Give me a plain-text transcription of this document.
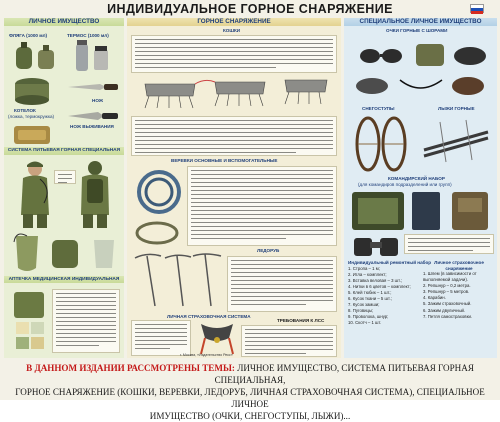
ИНДИВИДУАЛЬНОЕ ГОРНОЕ СНАРЯЖЕНИЕ
ЛИЧНОЕ ИМУЩЕСТВО
ФЛЯГА (1000 мл)	ТЕРМОС (1000 мл)
КОТЕЛОК
(ложка, термокружка)
НОЖ
НОЖ ВЫЖИВАНИЯ
СИСТЕМА ПИТЬЕВАЯ ГОРНАЯ СПЕЦИАЛЬНАЯ
АПТЕЧКА МЕДИЦИНСКАЯ ИНДИВИДУАЛЬНАЯ
ГОРНОЕ СНАРЯЖЕНИЕ
КОШКИ
ВЕРЕВКИ ОСНОВНЫЕ И ВСПОМОГАТЕЛЬНЫЕ
ЛЕДОРУБ
ЛИЧНАЯ СТРАХОВОЧНАЯ СИСТЕМА
ТРЕБОВАНИЯ К ЛСС
СПЕЦИАЛЬНОЕ ЛИЧНОЕ ИМУЩЕСТВО
ОЧКИ ГОРНЫЕ С ШОРАМИ
СНЕГОСТУПЫ	ЛЫЖИ ГОРНЫЕ
КОМАНДИРСКИЙ НАБОР
(для командиров подразделений или групп)
Индивидуальный ремонтный набор
1. Стропа – 1 м;
2. Игла – комплект;
3. Вставка веловая – 3 шт.;
4. Нитки в 6 цветов – комплект;
5. Клей тюбик – 1 шт.;
6. Кусок ткани – 5 шт.;
7. Кусок замши;
8. Пуговицы;
9. Проволока, шнур;
10. Скотч – 1 шт.
Личное страховочное снаряжение
1. Шлем (в зависимости от выполняемой задачи).
2. Репшнур – 0,2 метра.
3. Репшнур – 5 метров.
4. Карабин.
5. Зажим страховочный.
6. Зажим двуличный.
7. Петля самостраховки.
г. Москва, «Издательство Рекс»
В ДАННОМ ИЗДАНИИ РАССМОТРЕНЫ ТЕМЫ: ЛИЧНОЕ ИМУЩЕСТВО, СИСТЕМА ПИТЬЕВАЯ ГОРНАЯ СПЕЦИАЛЬНАЯ,
ГОРНОЕ СНАРЯЖЕНИЕ (КОШКИ, ВЕРЕВКИ, ЛЕДОРУБ, ЛИЧНАЯ СТРАХОВОЧНАЯ СИСТЕМА), СПЕЦИАЛЬНОЕ ЛИЧНОЕ
ИМУЩЕСТВО (ОЧКИ, СНЕГОСТУПЫ, ЛЫЖИ)...
